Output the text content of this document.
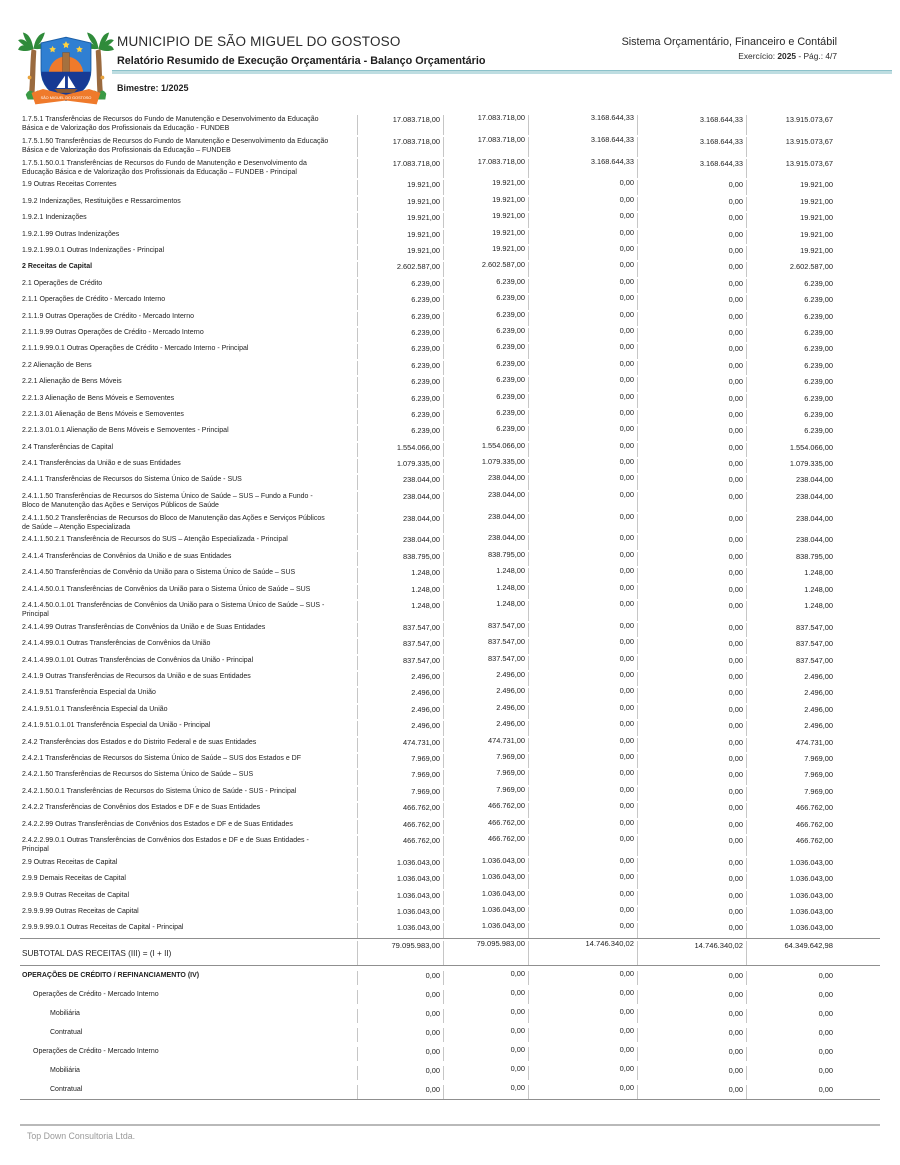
SÃO MIGUEL DO GOSTOSO
MUNICIPIO DE SÃO MIGUEL DO GOSTOSO
Relatório Resumido de Execução Orçamentária - Balanço Orçamentário
Bimestre: 1/2025
Sistema Orçamentário, Financeiro e Contábil
Exercício: 2025 - Pág.: 4/7
1.7.5.1 Transferências de Recursos do Fundo de Manutenção e Desenvolvimento da Educação Básica e de Valorização dos Profissionais da Educação - FUNDEB
17.083.718,00	17.083.718,00	3.168.644,33	3.168.644,33	13.915.073,67
1.7.5.1.50 Transferências de Recursos do Fundo de Manutenção e Desenvolvimento da Educação Básica e de Valorização dos Profissionais da Educação – FUNDEB
17.083.718,00	17.083.718,00	3.168.644,33	3.168.644,33	13.915.073,67
1.7.5.1.50.0.1 Transferências de Recursos do Fundo de Manutenção e Desenvolvimento da Educação Básica e de Valorização dos Profissionais da Educação – FUNDEB - Principal
17.083.718,00	17.083.718,00	3.168.644,33	3.168.644,33	13.915.073,67
1.9 Outras Receitas Correntes	19.921,00	19.921,00	0,00	0,00	19.921,00
1.9.2 Indenizações, Restituições e Ressarcimentos	19.921,00	19.921,00	0,00	0,00	19.921,00
1.9.2.1 Indenizações	19.921,00	19.921,00	0,00	0,00	19.921,00
1.9.2.1.99 Outras Indenizações	19.921,00	19.921,00	0,00	0,00	19.921,00
1.9.2.1.99.0.1 Outras Indenizações - Principal	19.921,00	19.921,00	0,00	0,00	19.921,00
2 Receitas de Capital	2.602.587,00	2.602.587,00	0,00	0,00	2.602.587,00
2.1 Operações de Crédito	6.239,00	6.239,00	0,00	0,00	6.239,00
2.1.1 Operações de Crédito - Mercado Interno	6.239,00	6.239,00	0,00	0,00	6.239,00
2.1.1.9 Outras Operações de Crédito - Mercado Interno	6.239,00	6.239,00	0,00	0,00	6.239,00
2.1.1.9.99 Outras Operações de Crédito - Mercado Interno	6.239,00	6.239,00	0,00	0,00	6.239,00
2.1.1.9.99.0.1 Outras Operações de Crédito - Mercado Interno - Principal	6.239,00	6.239,00	0,00	0,00	6.239,00
2.2 Alienação de Bens	6.239,00	6.239,00	0,00	0,00	6.239,00
2.2.1 Alienação de Bens Móveis	6.239,00	6.239,00	0,00	0,00	6.239,00
2.2.1.3 Alienação de Bens Móveis e Semoventes	6.239,00	6.239,00	0,00	0,00	6.239,00
2.2.1.3.01 Alienação de Bens Móveis e Semoventes	6.239,00	6.239,00	0,00	0,00	6.239,00
2.2.1.3.01.0.1 Alienação de Bens Móveis e Semoventes - Principal	6.239,00	6.239,00	0,00	0,00	6.239,00
2.4 Transferências de Capital	1.554.066,00	1.554.066,00	0,00	0,00	1.554.066,00
2.4.1 Transferências da União e de suas Entidades	1.079.335,00	1.079.335,00	0,00	0,00	1.079.335,00
2.4.1.1 Transferências de Recursos do Sistema Único de Saúde - SUS	238.044,00	238.044,00	0,00	0,00	238.044,00
2.4.1.1.50 Transferências de Recursos do Sistema Único de Saúde – SUS – Fundo a Fundo - Bloco de Manutenção das Ações e Serviços Públicos de Saúde
238.044,00	238.044,00	0,00	0,00	238.044,00
2.4.1.1.50.2 Transferências de Recursos do Bloco de Manutenção das Ações e Serviços Públicos de Saúde – Atenção Especializada
238.044,00	238.044,00	0,00	0,00	238.044,00
2.4.1.1.50.2.1 Transferência de Recursos do SUS – Atenção Especializada - Principal	238.044,00	238.044,00	0,00	0,00	238.044,00
2.4.1.4 Transferências de Convênios da União e de suas Entidades	838.795,00	838.795,00	0,00	0,00	838.795,00
2.4.1.4.50 Transferências de Convênio da União para o Sistema Único de Saúde – SUS	1.248,00	1.248,00	0,00	0,00	1.248,00
2.4.1.4.50.0.1 Transferências de Convênios da União para o Sistema Único de Saúde – SUS	1.248,00	1.248,00	0,00	0,00	1.248,00
2.4.1.4.50.0.1.01 Transferências de Convênios da União para o Sistema Único de Saúde – SUS - Principal
1.248,00	1.248,00	0,00	0,00	1.248,00
2.4.1.4.99 Outras Transferências de Convênios da União e de Suas Entidades	837.547,00	837.547,00	0,00	0,00	837.547,00
2.4.1.4.99.0.1 Outras Transferências de Convênios da União	837.547,00	837.547,00	0,00	0,00	837.547,00
2.4.1.4.99.0.1.01 Outras Transferências de Convênios da União - Principal	837.547,00	837.547,00	0,00	0,00	837.547,00
2.4.1.9 Outras Transferências de Recursos da União e de suas Entidades	2.496,00	2.496,00	0,00	0,00	2.496,00
2.4.1.9.51 Transferência Especial da União	2.496,00	2.496,00	0,00	0,00	2.496,00
2.4.1.9.51.0.1 Transferência Especial da União	2.496,00	2.496,00	0,00	0,00	2.496,00
2.4.1.9.51.0.1.01 Transferência Especial da União - Principal	2.496,00	2.496,00	0,00	0,00	2.496,00
2.4.2 Transferências dos Estados e do Distrito Federal e de suas Entidades	474.731,00	474.731,00	0,00	0,00	474.731,00
2.4.2.1 Transferências de Recursos do Sistema Único de Saúde – SUS dos Estados e DF	7.969,00	7.969,00	0,00	0,00	7.969,00
2.4.2.1.50 Transferências de Recursos do Sistema Único de Saúde – SUS	7.969,00	7.969,00	0,00	0,00	7.969,00
2.4.2.1.50.0.1 Transferências de Recursos do Sistema Único de Saúde - SUS - Principal	7.969,00	7.969,00	0,00	0,00	7.969,00
2.4.2.2 Transferências de Convênios dos Estados e DF e de Suas Entidades	466.762,00	466.762,00	0,00	0,00	466.762,00
2.4.2.2.99 Outras Transferências de Convênios dos Estados e DF e de Suas Entidades	466.762,00	466.762,00	0,00	0,00	466.762,00
2.4.2.2.99.0.1 Outras Transferências de Convênios dos Estados e DF e de Suas Entidades - Principal
466.762,00	466.762,00	0,00	0,00	466.762,00
2.9 Outras Receitas de Capital	1.036.043,00	1.036.043,00	0,00	0,00	1.036.043,00
2.9.9 Demais Receitas de Capital	1.036.043,00	1.036.043,00	0,00	0,00	1.036.043,00
2.9.9.9 Outras Receitas de Capital	1.036.043,00	1.036.043,00	0,00	0,00	1.036.043,00
2.9.9.9.99 Outras Receitas de Capital	1.036.043,00	1.036.043,00	0,00	0,00	1.036.043,00
2.9.9.9.99.0.1 Outras Receitas de Capital - Principal	1.036.043,00	1.036.043,00	0,00	0,00	1.036.043,00
SUBTOTAL DAS RECEITAS (III) = (I + II)
79.095.983,00	79.095.983,00	14.746.340,02	14.746.340,02	64.349.642,98
OPERAÇÕES DE CRÉDITO / REFINANCIAMENTO (IV)	0,00	0,00	0,00	0,00	0,00
Operações de Crédito - Mercado Interno	0,00	0,00	0,00	0,00	0,00
Mobiliária	0,00	0,00	0,00	0,00	0,00
Contratual	0,00	0,00	0,00	0,00	0,00
Operações de Crédito - Mercado Interno	0,00	0,00	0,00	0,00	0,00
Mobiliária	0,00	0,00	0,00	0,00	0,00
Contratual	0,00	0,00	0,00	0,00	0,00
Top Down Consultoria Ltda.
